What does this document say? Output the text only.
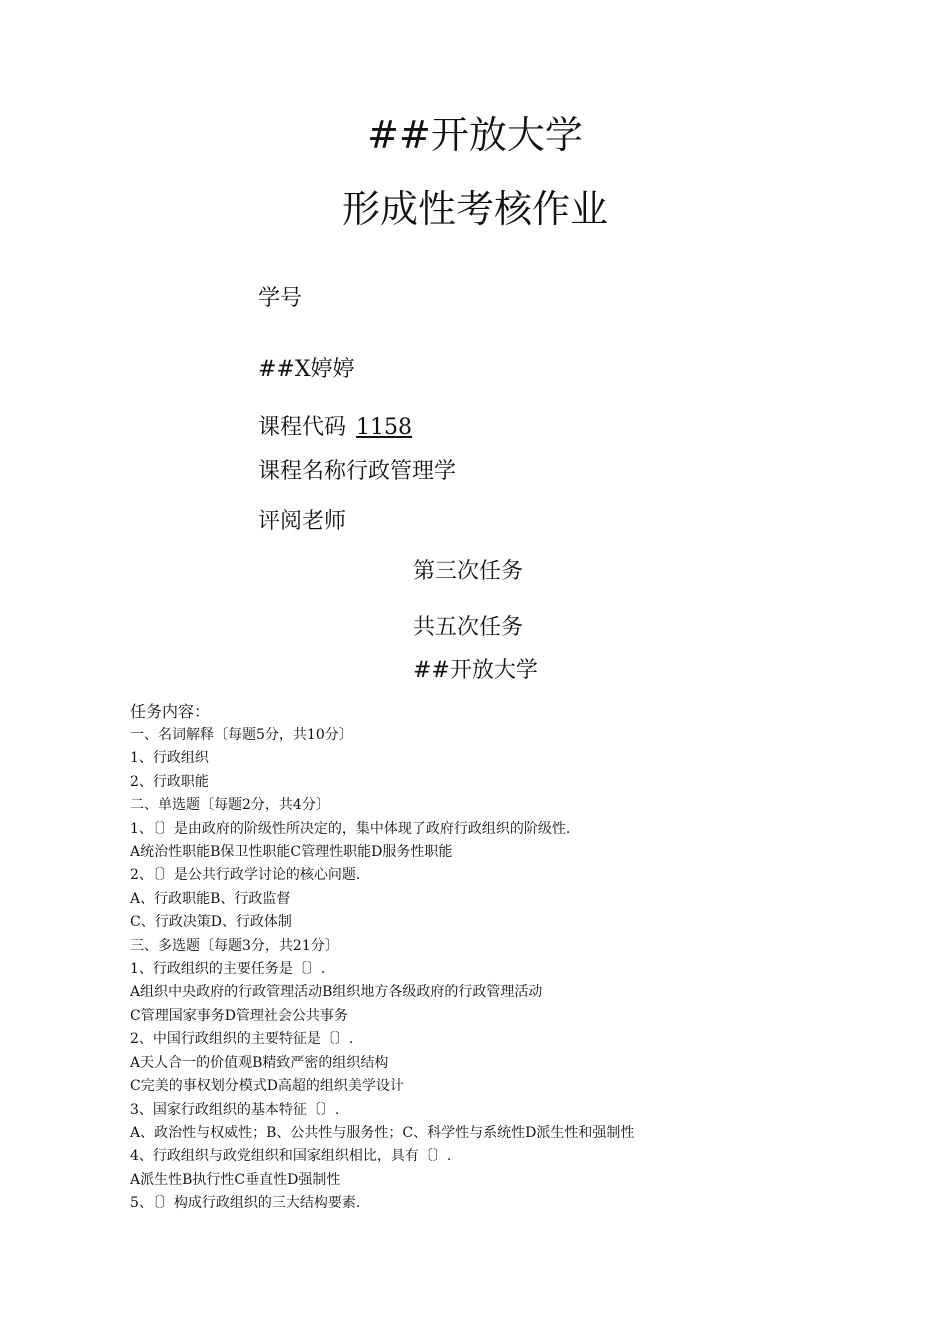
##开放大学
形成性考核作业
学号
##X婷婷
课程代码 1158
课程名称行政管理学
评阅老师
第三次任务
共五次任务
##开放大学
任务内容：
一、名词解释〔每题5分，共10分〕
1、行政组织
2、行政职能
二、单选题〔每题2分，共4分〕
1、〔〕是由政府的阶级性所决定的，集中体现了政府行政组织的阶级性.
A统治性职能B保卫性职能C管理性职能D服务性职能
2、〔〕是公共行政学讨论的核心问题.
A、行政职能B、行政监督
C、行政决策D、行政体制
三、多选题〔每题3分，共21分〕
1、行政组织的主要任务是〔〕.
A组织中央政府的行政管理活动B组织地方各级政府的行政管理活动
C管理国家事务D管理社会公共事务
2、中国行政组织的主要特征是〔〕.
A天人合一的价值观B精致严密的组织结构
C完美的事权划分模式D高超的组织美学设计
3、国家行政组织的基本特征〔〕.
A、政治性与权威性；B、公共性与服务性；C、科学性与系统性D派生性和强制性
4、行政组织与政党组织和国家组织相比，具有〔〕.
A派生性B执行性C垂直性D强制性
5、〔〕构成行政组织的三大结构要素.
